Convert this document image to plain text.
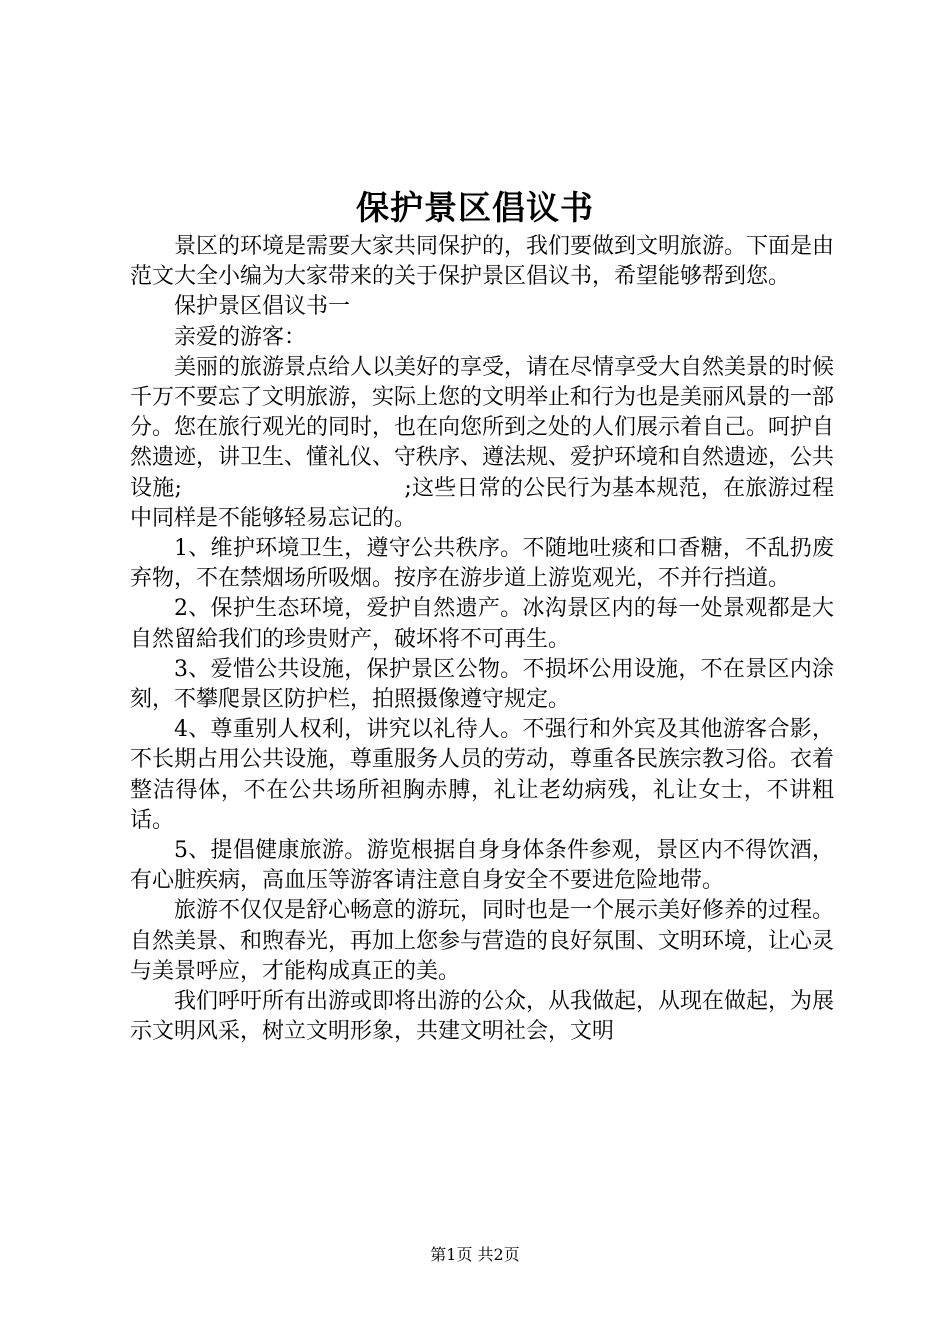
保护景区倡议书

景区的环境是需要大家共同保护的，我们要做到文明旅游。下面是由范文大全小编为大家带来的关于保护景区倡议书，希望能够帮到您。

保护景区倡议书一

亲爱的游客：

美丽的旅游景点给人以美好的享受，请在尽情享受大自然美景的时候千万不要忘了文明旅游，实际上您的文明举止和行为也是美丽风景的一部分。您在旅行观光的同时，也在向您所到之处的人们展示着自己。呵护自然遗迹，讲卫生、懂礼仪、守秩序、遵法规、爱护环境和自然遗迹，公共设施;　　　　　　　　　　;这些日常的公民行为基本规范，在旅游过程中同样是不能够轻易忘记的。

1、维护环境卫生，遵守公共秩序。不随地吐痰和口香糖，不乱扔废弃物，不在禁烟场所吸烟。按序在游步道上游览观光，不并行挡道。

2、保护生态环境，爱护自然遗产。冰沟景区内的每一处景观都是大自然留給我们的珍贵财产，破坏将不可再生。

3、爱惜公共设施，保护景区公物。不损坏公用设施，不在景区内涂刻，不攀爬景区防护栏，拍照摄像遵守规定。

4、尊重别人权利，讲究以礼待人。不强行和外宾及其他游客合影，不长期占用公共设施，尊重服务人员的劳动，尊重各民族宗教习俗。衣着整洁得体，不在公共场所袒胸赤膊，礼让老幼病残，礼让女士，不讲粗话。

5、提倡健康旅游。游览根据自身身体条件参观，景区内不得饮酒，有心脏疾病，高血压等游客请注意自身安全不要进危险地带。

旅游不仅仅是舒心畅意的游玩，同时也是一个展示美好修养的过程。自然美景、和煦春光，再加上您参与营造的良好氛围、文明环境，让心灵与美景呼应，才能构成真正的美。

我们呼吁所有出游或即将出游的公众，从我做起，从现在做起，为展示文明风采，树立文明形象，共建文明社会，文明

第1页 共2页
